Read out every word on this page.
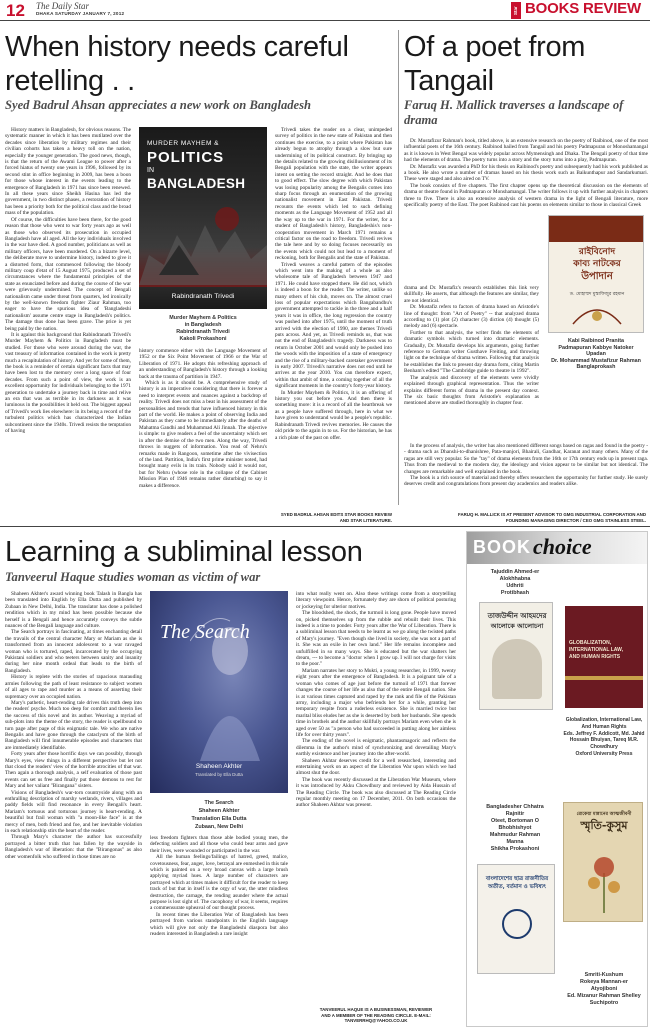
12 The Daily Star
DHAKA SATURDAY JANUARY 7, 2012	Star BOOKS REVIEW
When history needs careful retelling . .
Syed Badrul Ahsan appreciates a new work on Bangladesh

History matters in Bangladesh, for obvious reasons. The systematic manner in which it has been mutilated over the decades since liberation by military regimes and their civilian cohorts has taken a heavy toll on the nation, especially the younger generation. The good news, though, is that the return of the Awami League to power after a forced hiatus of twenty one years in 1996, followed by its second stint in office beginning in 2009, has been a boon for those whose interest in the events leading to the emergence of Bangladesh in 1971 has since been renewed. In all these years since Sheikh Hasina has led the government, in two distinct phases, a restoration of history has been a priority both for the political class and the broad mass of the population.

Of course, the difficulties have been there, for the good reason that those who went to war forty years ago as well as those who observed its prosecution in occupied Bangladesh have all aged. All the key individuals involved in the war have died. A good number, politicians as well as military officers, have been murdered. On a bizarre level, the deliberate move to undermine history, indeed to give it a distorted form, that commenced following the bloody military coup d'etat of 15 August 1975, produced a set of circumstances where the fundamental principles of the state as enunciated before and during the course of the war were grievously undermined. The concept of Bengali nationalism came under threat from quarters, led ironically by the well-known freedom fighter Ziaur Rahman, too eager to have the spurious idea of 'Bangladeshi nationalism' assume centre stage in Bangladesh's politics. The damage thus done has been grave. The price is yet being paid by the nation.

It is against this background that Rabindranath Trivedi's Murder Mayhem & Politics in Bangladesh must be studied. For those who were around during the war, the vast treasury of information contained in the work is pretty much a recapitulation of history. And yet for some of them, the book is a reminder of certain significant facts that may have been lost to the memory over a long space of four decades. From such a point of view, the work is an excellent opportunity for individuals belonging to the 1971 generation to undertake a journey back in time and relive an era that was as terrible in its darkness as it was luminous in the possibilities it held out. The biggest appeal of Trivedi's work lies elsewhere: in its being a record of the turbulent politics which has characterized the Indian subcontinent since the 1940s. Trivedi resists the temptation of having

MURDER MAYHEM &
POLITICS
IN
BANGLADESH
Rabindranath Trivedi
Murder Mayhem & Politics
in Bangladesh
Rabindranath Trivedi
Kakoli Prokashoni

history commence either with the Language Movement of 1952 or the Six Point Movement of 1966 or the War of Liberation of 1971. He adopts this refreshing approach of an understanding of Bangladesh's history through a looking back at the trauma of partition in 1947.

Which is as it should be. A comprehensive study of history is an imperative considering that there is forever a need to interpret events and nuances against a backdrop of reality. Trivedi does not miss a beat in his assessment of the personalities and trends that have influenced history in this part of the world. He makes a point of observing India and Pakistan as they came to be immediately after the deaths of Mahatma Gandhi and Muhammad Ali Jinnah. The objective is simple: to give readers a feel of the uncertainty which set in after the demise of the two men. Along the way, Trivedi throws in nuggets of information. You read of Nehru's remarks made in Rangoon, sometime after the vivisection of the land. Partition, India's first prime minister noted, had brought many evils in its train. Nobody said it would not, but for Nehru (whose role in the collapse of the Cabinet Mission Plan of 1946 remains rather disturbing) to say it makes a difference.

Trivedi takes the reader on a clear, unimpeded survey of politics in the new state of Pakistan and then continues the exercise, to a point where Pakistan has already begun to atrophy through a slow but sure undermining of its political construct. By bringing up the details related to the growing disillusionment of its Bengali population with the state, the writer appears intent on setting the record straight. And he does that to good effect. The slow degree with which Pakistan was losing popularity among the Bengalis comes into sharp focus through an enumeration of the growing nationalist movement in East Pakistan. Trivedi recounts the events which led to such defining moments as the Language Movement of 1952 and all the way up to the war in 1971. For the writer, for a student of Bangladesh's history, Bangladeshis's non-cooperation movement in March 1971 remains a critical factor on the road to freedom. Trivedi revives the tale here and by so doing focuses necessarily on the events which could not but lead to a moment of reckoning, both for Bengalis and the state of Pakistan.

Trivedi weaves a careful pattern of the episodes which went into the making of a whole as also wholesome tale of Bangladesh between 1947 and 1971. He could have stopped there. He did not, which is indeed a boon for the reader. The writer, unlike so many others of his club, moves on. The almost cruel loss of popular expectations which Bangabandhu's government attempted to tackle in the three and a half years it was in office, the long regression the country was pushed into after 1975, until the moment of truth arrived with the election of 1990, are themes Trivedi puts across. And yet, as Trivedi reminds us, that was not the end of Bangladesh's tragedy. Darkness was to return in October 2001 and would only be pushed into the woods with the imposition of a state of emergency and the rise of a military-backed caretaker government in early 2007. Trivedi's narrative does not end until he arrives at the year 2010. You can therefore expect, within that ambit of time, a coming together of all the significant moments in the country's forty-year history.

In Murder Mayhem & Politics, it is an offering of history you out before you. And then there is something more: it is a record of all the heartbreak we as a people have suffered through, here in what we have given to understand would be a people's republic. Rabindranath Trivedi revives memories. He causes the old pride to the again in to us. For the historian, he has a rich plate of the past on offer.

Of a poet from Tangail
Faruq H. Mallick traverses a landscape of drama

Dr. Mustafizur Rahman's book, titled above, is an extensive research on the poetry of Raibinod, one of the most influential poets of the 16th century. Raibinod hailed from Tangail and his poetry Padmapuran or Monoshamangal as it is known in West Bengal was widely popular across Mymensingh and Dhaka. The Bengali poetry of that time had the elements of drama. The poetry turns into a story and the story turns into a play, Padmapuran.

Dr. Mustafiz was awarded a PhD for his thesis on Raibinod's poetry and subsequently had his work published as a book. He also wrote a number of dramas based on his thesis work such as Baikunthapur and Sandarkumari. These were staged and also aired on TV.

The book consists of five chapters. The first chapter opens up the theoretical discussion on the elements of drama or theatre found in Padmapuran or Monshamangal. The writer follows it up with further analysis in chapters three to five. There is also an extensive analysis of western drama in the light of Bengali literature, more specifically poetry of the East. The poet Raibinod cast his poems on elements similar to those in classical Greek

drama and Dr. Mustafiz's research establishes this link very skillfully. He asserts, that although the features are similar, they are not identical.

Dr. Mustafiz refers to factors of drama based on Aristotle's line of thought: from "Art of Poetry" -- that analyzed drama according to (1) plot (2) character (3) diction (4) thought (5) melody and (6) spectacle.

Further to that analysis, the writer finds the elements of dramatic symbols which turned into dramatic elements. Gradually, Dr. Mustafiz develops his arguments, going further reference to German writer Gusthave Freiting, and throwing light on the technique of drama written. Following that analysis he establishes the link to present day drama form, citing Martin Benham's edited "The Cambridge guide to theatre in 1992".

The analysis and discovery of the elements were vividly explained through graphical representation. Thus the writer explains different forms of drama in the present day context. The six basic thoughts from Aristotle's explanation as mentioned above are studied thoroughly in chapter four.

রাইবিনোদ
কাব্য নাটকের
উপাদান
ড. মোহাম্মদ মুস্তাফিজুর রহমান
Kabi Raibinod Pranita
Padmapuran Kabbye Natoker
Upadan
Dr. Mohammad Mustafizur Rahman
Banglaprokash

In the process of analysis, the writer has also mentioned different songs based on ragas and found in the poetry -- drama such as Dhanshi-to-dhanishree, Pata-manjori, Bhairali, Gandhar, Karanat and many others. Many of the ragas are still very popular. So the "tay" of drama elements from the 16th or 17th century ends up in present raga. Thus from the medieval to the modern day, the ideology and vision appear to be similar but not identical. The changes are remarkable and well explained in the book.

The book is a rich source of material and thereby offers researchers the opportunity for further study. He surely deserves credit and congratulations from present day academics and readers alike.

SYED BADRUL AHSAN EDITS STAR BOOKS REVIEW
AND STAR LITERATURE.
FARUQ H. MALLICK IS AT PRESENT ADVISOR TO GMG INDUSTRIAL CORPORATION AND
FOUNDING MANAGING DIRECTOR / CEO GMG STAINLESS STEEL.
Learning a subliminal lesson
Tanveerul Haque studies woman as victim of war

Shaheen Akhter's award winning book Talash in Bangla has been translated into English by Ella Dutta and published by Zubaan in New Delhi, India. The translator has done a polished rendition which in my mind has been possible because she herself is a Bengali and hence accurately conveys the subtle nuances of the Bengali language and culture.

The Search portrays in fascinating, at times enchanting detail the travails of the central character Mary or Mariam as she is transformed from an innocent adolescent to a war ravaged woman who is tortured, raped, incarcerated by the occupying Pakistani soldiers and who teeters between sanity and insanity during her nine month ordeal that leads to the birth of Bangladesh.

History is replete with the stories of rapacious marauding armies following the path of least resistance to subject women of all ages to rape and murder as a means of asserting their supremacy over an occupied nation.

Mary's pathetic, heart-rending tale drives this truth deep into the readers' psyche. Much too deep for comfort and therein lies the success of this novel and its author. Weaving a myriad of sub-plots into the theme of the story, the reader is spellbound to turn page after page of this enigmatic tale. We who are native Bengalis and have gone through the cataclysm of the birth of Bangladesh will find innumerable episodes and characters that are immediately identifiable.

Forty years after those horrific days we can possibly, through Mary's eyes, view things in a different perspective but let not that cloud the readers' view of the horrible atrocities of that war. Then again a thorough analysis, a self evaluation of those past events can set us free and finally put those demons to rest for Mary and her valiant "Birangana" sisters.

Visions of Bangladesh's war-torn countryside along with an enthralling description of marshy wetlands, rivers, villages and paddy fields will find resonance in every Bengali's heart. Mariam's tortuous and torturous journey is heart-rending. A beautiful but frail woman with "a moon-like face" is at the mercy of men, both friend and foe, and her inevitable violation in each relationship stirs the heart of the reader.

Through Mary's character the author has successfully portrayed a bitter truth that has fallen by the wayside in Bangladesh's war of liberation: that the "Birangonas" as also other womenfolk who suffered in those times are no

The Search
Shaheen Akhter
Translated by Ella Dutta
The Search
Shaheen Akhter
Translation Ella Dutta
Zubaan, New Delhi

less freedom fighters than those able bodied young men, the defecting soldiers and all those who could bear arms and gave their lives, were wounded or participated in the war.

All the human feelings/failings of hatred, greed, malice, covetousness, fear, anger, love, betrayal are enmeshed in this tale which is painted on a very broad canvas with a large brush applying myriad hues. A large number of characters are portrayed which at times makes it difficult for the reader to keep track of but that in itself is the orgy of war, the utter mindless destruction, the carnage, the rending asunder where the actual purpose is lost sight of. The cacophony of war, it seems, requires a commensurate upheaval of our thought process.

In recent times the Liberation War of Bangladesh has been portrayed from various standpoints in the English language which will give not only the Bangladeshi diaspora but also readers interested in Bangladesh a rare insight

into what really went on. Also these writings come from a storytelling literary viewpoint. Hence, fortunately they are shorn of political posturing or jockeying for ulterior motives.

The bloodshed, the shock, the turmoil is long gone. People have moved on, picked themselves up from the rubble and rebuilt their lives. This indeed is a time to ponder. Forty years after the War of Liberation. There is a subliminal lesson that needs to be learnt as we go along the twisted paths of Mary's journey. "Even though she lived in society, she was not a part of it. She was an exile in her own land." Her life remains incomplete and unfulfilled in so many ways. She is educated but the war shatters her dream, --- to become a "doctor when I grow up. I will not charge for visits to the poor."

Mariam narrates her story to Mukti, a young researcher, in 1999, twenty eight years after the emergence of Bangladesh. It is a poignant tale of a woman who comes of age just before the turmoil of 1971 that forever changes the course of her life as also that of the entire Bengali nation. She is at various times captured and raped by the rank and file of the Pakistan army, including a major who befriends her for a while, granting her temporary respite from a ruderless existence. She is married twice but marital bliss eludes her as she is deserted by both her husbands. She spends time in brothels and the author skillfully portrays Mariam even when she is aged over 50 as "a person who had succeeded in putting along her aimless life for over thirty years".

The ending of the novel is enigmatic, phantasmagoric and reflects the dilemma in the author's mind of synchronizing and dovetailing Mary's earthly existence and her journey into the after-world.

Shaheen Akhtar deserves credit for a well researched, interesting and entertaining work on an aspect of the Liberation War upon which we had almost shut the door.

The book was recently discussed at the Liberation War Museum, where it was introduced by Akku Chowdhury and reviewed by Aida Hussain of The Reading Circle. The book was also discussed at The Reading Circle regular monthly meeting on 17 December, 2011. On both occasions the author Shaheen Akhtar was present.

TANVEERUL HAQUE IS A BUSINESSMAN, REVIEWER
AND A MEMBER OF THE READING CIRCLE. E-MAIL:
TANVERRHQ@YAHOO.CO.UK
BOOK choice
Tajuddin Ahmed-er
Alokhhabna
Udhriti
Protibhash
তাজউদ্দীন আহমদের
আলোকে আলোচনা
GLOBALIZATION,
INTERNATIONAL LAW,
AND HUMAN RIGHTS
Globalization, International Law,
And Human Rights
Eds. Jeffrey F. Addicott, Md. Jahid
Hossain Bhuiyan, Tareq M.R.
Chowdhury
Oxford University Press
Bangladesher Chhatra
Rajnitir
Oteet, Bortoman O
Bhobhishyot
Mahmudur Rahman
Manna
Shikha Prokashoni
বাংলাদেশের ছাত্র রাজনীতির
অতীত, বর্তমান ও ভবিষ্যৎ
রোকেয়া মান্নানের আত্মজীবনী
স্মৃতি-কুসুম
Smriti-Kushum
Rokeya Mannan-er
Atyojiboni
Ed. Mizanur Rahman Shelley
Suchipotro
